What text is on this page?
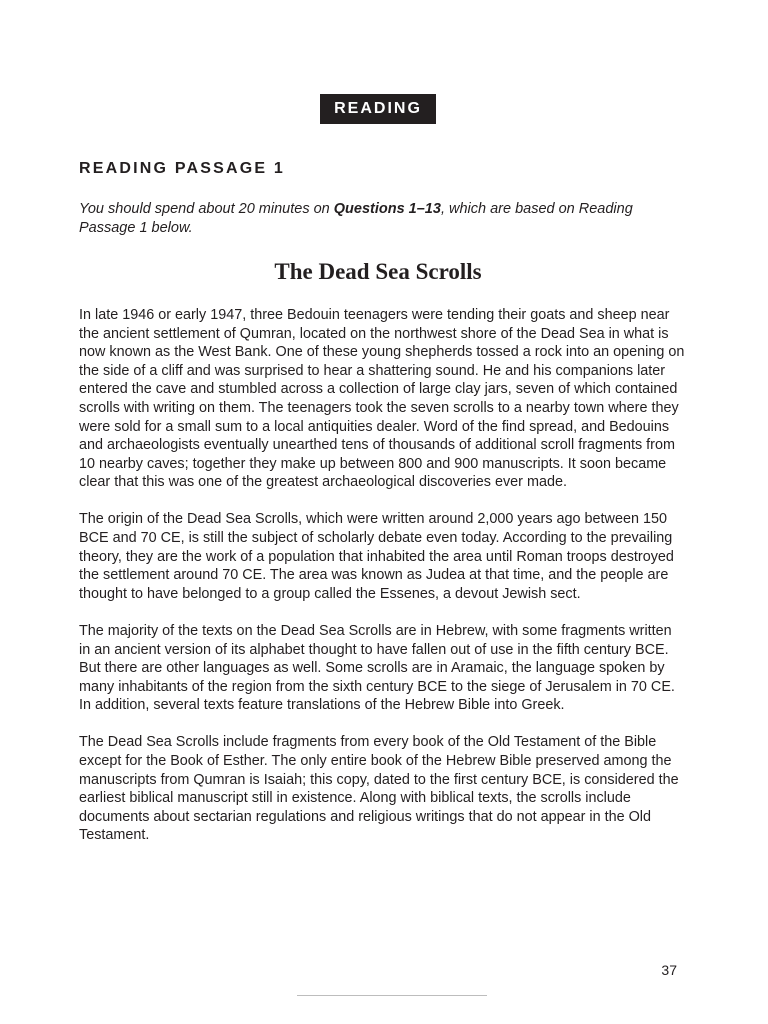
READING
READING PASSAGE 1
You should spend about 20 minutes on Questions 1–13, which are based on Reading Passage 1 below.
The Dead Sea Scrolls

In late 1946 or early 1947, three Bedouin teenagers were tending their goats and sheep near the ancient settlement of Qumran, located on the northwest shore of the Dead Sea in what is now known as the West Bank. One of these young shepherds tossed a rock into an opening on the side of a cliff and was surprised to hear a shattering sound. He and his companions later entered the cave and stumbled across a collection of large clay jars, seven of which contained scrolls with writing on them. The teenagers took the seven scrolls to a nearby town where they were sold for a small sum to a local antiquities dealer. Word of the find spread, and Bedouins and archaeologists eventually unearthed tens of thousands of additional scroll fragments from 10 nearby caves; together they make up between 800 and 900 manuscripts. It soon became clear that this was one of the greatest archaeological discoveries ever made.

The origin of the Dead Sea Scrolls, which were written around 2,000 years ago between 150 BCE and 70 CE, is still the subject of scholarly debate even today. According to the prevailing theory, they are the work of a population that inhabited the area until Roman troops destroyed the settlement around 70 CE. The area was known as Judea at that time, and the people are thought to have belonged to a group called the Essenes, a devout Jewish sect.

The majority of the texts on the Dead Sea Scrolls are in Hebrew, with some fragments written in an ancient version of its alphabet thought to have fallen out of use in the fifth century BCE. But there are other languages as well. Some scrolls are in Aramaic, the language spoken by many inhabitants of the region from the sixth century BCE to the siege of Jerusalem in 70 CE. In addition, several texts feature translations of the Hebrew Bible into Greek.

The Dead Sea Scrolls include fragments from every book of the Old Testament of the Bible except for the Book of Esther. The only entire book of the Hebrew Bible preserved among the manuscripts from Qumran is Isaiah; this copy, dated to the first century BCE, is considered the earliest biblical manuscript still in existence. Along with biblical texts, the scrolls include documents about sectarian regulations and religious writings that do not appear in the Old Testament.

37
